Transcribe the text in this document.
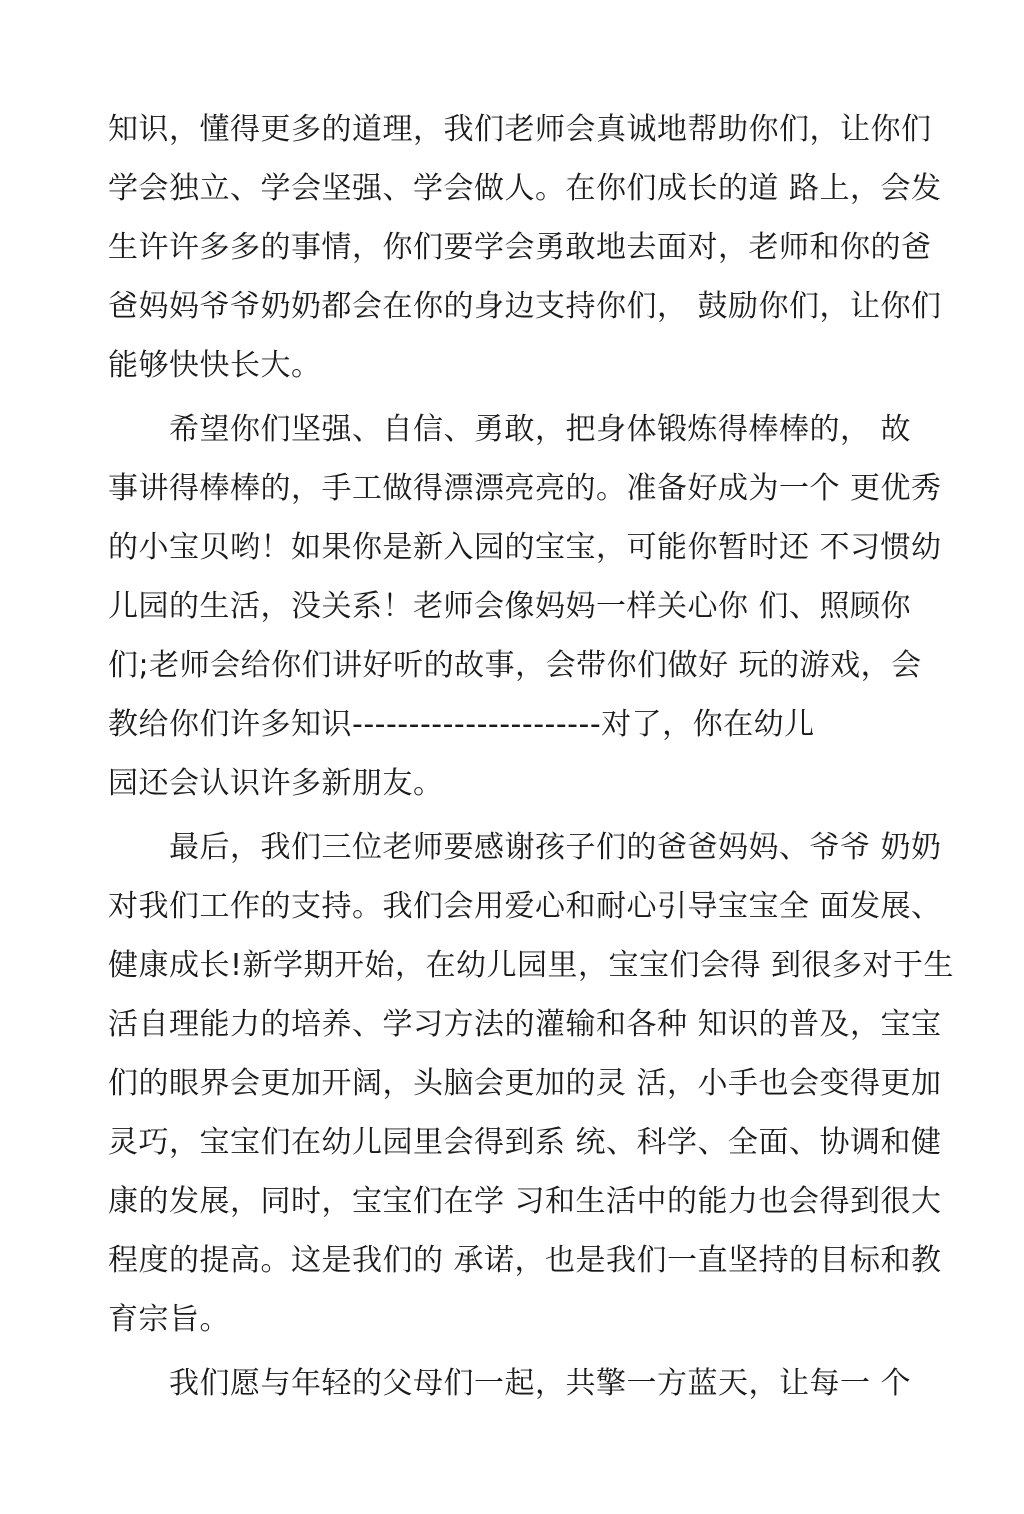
知识，懂得更多的道理，我们老师会真诚地帮助你们，让你们
学会独立、学会坚强、学会做人。在你们成长的道 路上，会发
生许许多多的事情，你们要学会勇敢地去面对，老师和你的爸
爸妈妈爷爷奶奶都会在你的身边支持你们， 鼓励你们，让你们
能够快快长大。
　　希望你们坚强、自信、勇敢，把身体锻炼得棒棒的， 故
事讲得棒棒的，手工做得漂漂亮亮的。准备好成为一个 更优秀
的小宝贝哟！如果你是新入园的宝宝，可能你暂时还 不习惯幼
儿园的生活，没关系！老师会像妈妈一样关心你 们、照顾你
们;老师会给你们讲好听的故事，会带你们做好 玩的游戏，会
教给你们许多知识----------------------对了，你在幼儿
园还会认识许多新朋友。
　　最后，我们三位老师要感谢孩子们的爸爸妈妈、爷爷 奶奶
对我们工作的支持。我们会用爱心和耐心引导宝宝全 面发展、
健康成长!新学期开始，在幼儿园里，宝宝们会得 到很多对于生
活自理能力的培养、学习方法的灌输和各种 知识的普及，宝宝
们的眼界会更加开阔，头脑会更加的灵 活，小手也会变得更加
灵巧，宝宝们在幼儿园里会得到系 统、科学、全面、协调和健
康的发展，同时，宝宝们在学 习和生活中的能力也会得到很大
程度的提高。这是我们的 承诺，也是我们一直坚持的目标和教
育宗旨。
　　我们愿与年轻的父母们一起，共擎一方蓝天，让每一 个
